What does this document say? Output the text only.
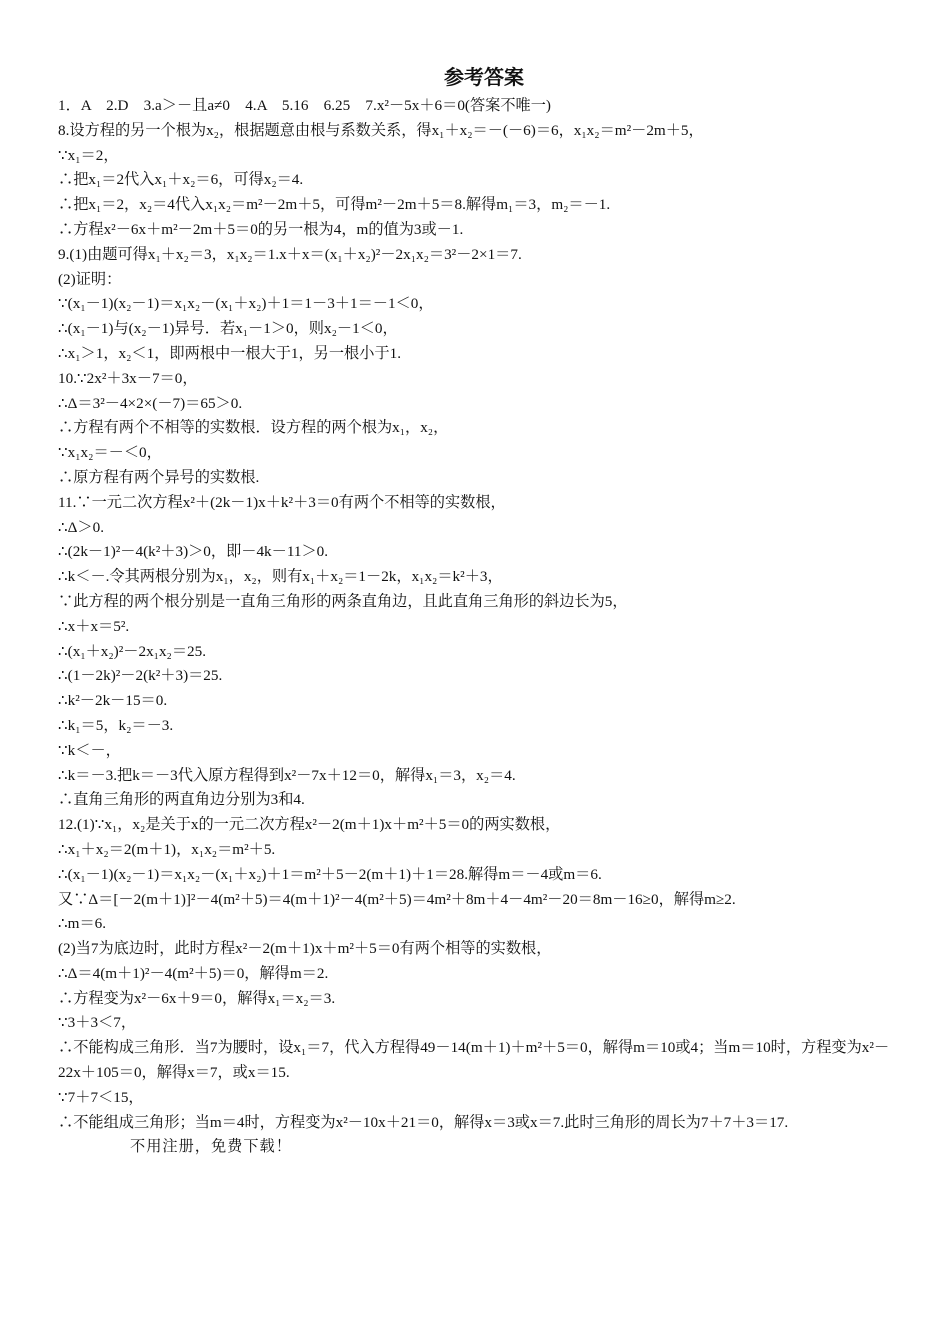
参考答案
1．A　2.D　3.a＞－且a≠0　4.A　5.16　6.25　7.x²－5x＋6＝0(答案不唯一)
8.设方程的另一个根为x₂，根据题意由根与系数关系，得x₁＋x₂＝－(－6)＝6，x₁x₂＝m²－2m＋5，
∵x₁＝2，
∴把x₁＝2代入x₁＋x₂＝6，可得x₂＝4.
∴把x₁＝2，x₂＝4代入x₁x₂＝m²－2m＋5，可得m²－2m＋5＝8.解得m₁＝3，m₂＝－1.
∴方程x²－6x＋m²－2m＋5＝0的另一根为4，m的值为3或－1.
9.(1)由题可得x₁＋x₂＝3，x₁x₂＝1.x＋x＝(x₁＋x₂)²－2x₁x₂＝3²－2×1＝7.
(2)证明：
∵(x₁－1)(x₂－1)＝x₁x₂－(x₁＋x₂)＋1＝1－3＋1＝－1＜0，
∴(x₁－1)与(x₂－1)异号．若x₁－1＞0，则x₂－1＜0，
∴x₁＞1，x₂＜1，即两根中一根大于1，另一根小于1.
10.∵2x²＋3x－7＝0，
∴Δ＝3²－4×2×(－7)＝65＞0.
∴方程有两个不相等的实数根．设方程的两个根为x₁，x₂，
∵x₁x₂＝－＜0，
∴原方程有两个异号的实数根.
11.∵一元二次方程x²＋(2k－1)x＋k²＋3＝0有两个不相等的实数根，
∴Δ＞0.
∴(2k－1)²－4(k²＋3)＞0，即－4k－11＞0.
∴k＜－.令其两根分别为x₁，x₂，则有x₁＋x₂＝1－2k，x₁x₂＝k²＋3，
∵此方程的两个根分别是一直角三角形的两条直角边，且此直角三角形的斜边长为5，
∴x＋x＝5².
∴(x₁＋x₂)²－2x₁x₂＝25.
∴(1－2k)²－2(k²＋3)＝25.
∴k²－2k－15＝0.
∴k₁＝5，k₂＝－3.
∵k＜－，
∴k＝－3.把k＝－3代入原方程得到x²－7x＋12＝0，解得x₁＝3，x₂＝4.
∴直角三角形的两直角边分别为3和4.
12.(1)∵x₁，x₂是关于x的一元二次方程x²－2(m＋1)x＋m²＋5＝0的两实数根，
∴x₁＋x₂＝2(m＋1)，x₁x₂＝m²＋5.
∴(x₁－1)(x₂－1)＝x₁x₂－(x₁＋x₂)＋1＝m²＋5－2(m＋1)＋1＝28.解得m＝－4或m＝6.
又∵Δ＝[－2(m＋1)]²－4(m²＋5)＝4(m＋1)²－4(m²＋5)＝4m²＋8m＋4－4m²－20＝8m－16≥0，解得m≥2.
∴m＝6.
(2)当7为底边时，此时方程x²－2(m＋1)x＋m²＋5＝0有两个相等的实数根，
∴Δ＝4(m＋1)²－4(m²＋5)＝0，解得m＝2.
∴方程变为x²－6x＋9＝0，解得x₁＝x₂＝3.
∵3＋3＜7，
∴不能构成三角形．当7为腰时，设x₁＝7，代入方程得49－14(m＋1)＋m²＋5＝0，解得m＝10或4；当m＝10时，方程变为x²－22x＋105＝0，解得x＝7，或x＝15.
∵7＋7＜15，
∴不能组成三角形；当m＝4时，方程变为x²－10x＋21＝0，解得x＝3或x＝7.此时三角形的周长为7＋7＋3＝17.
不用注册，免费下载！
